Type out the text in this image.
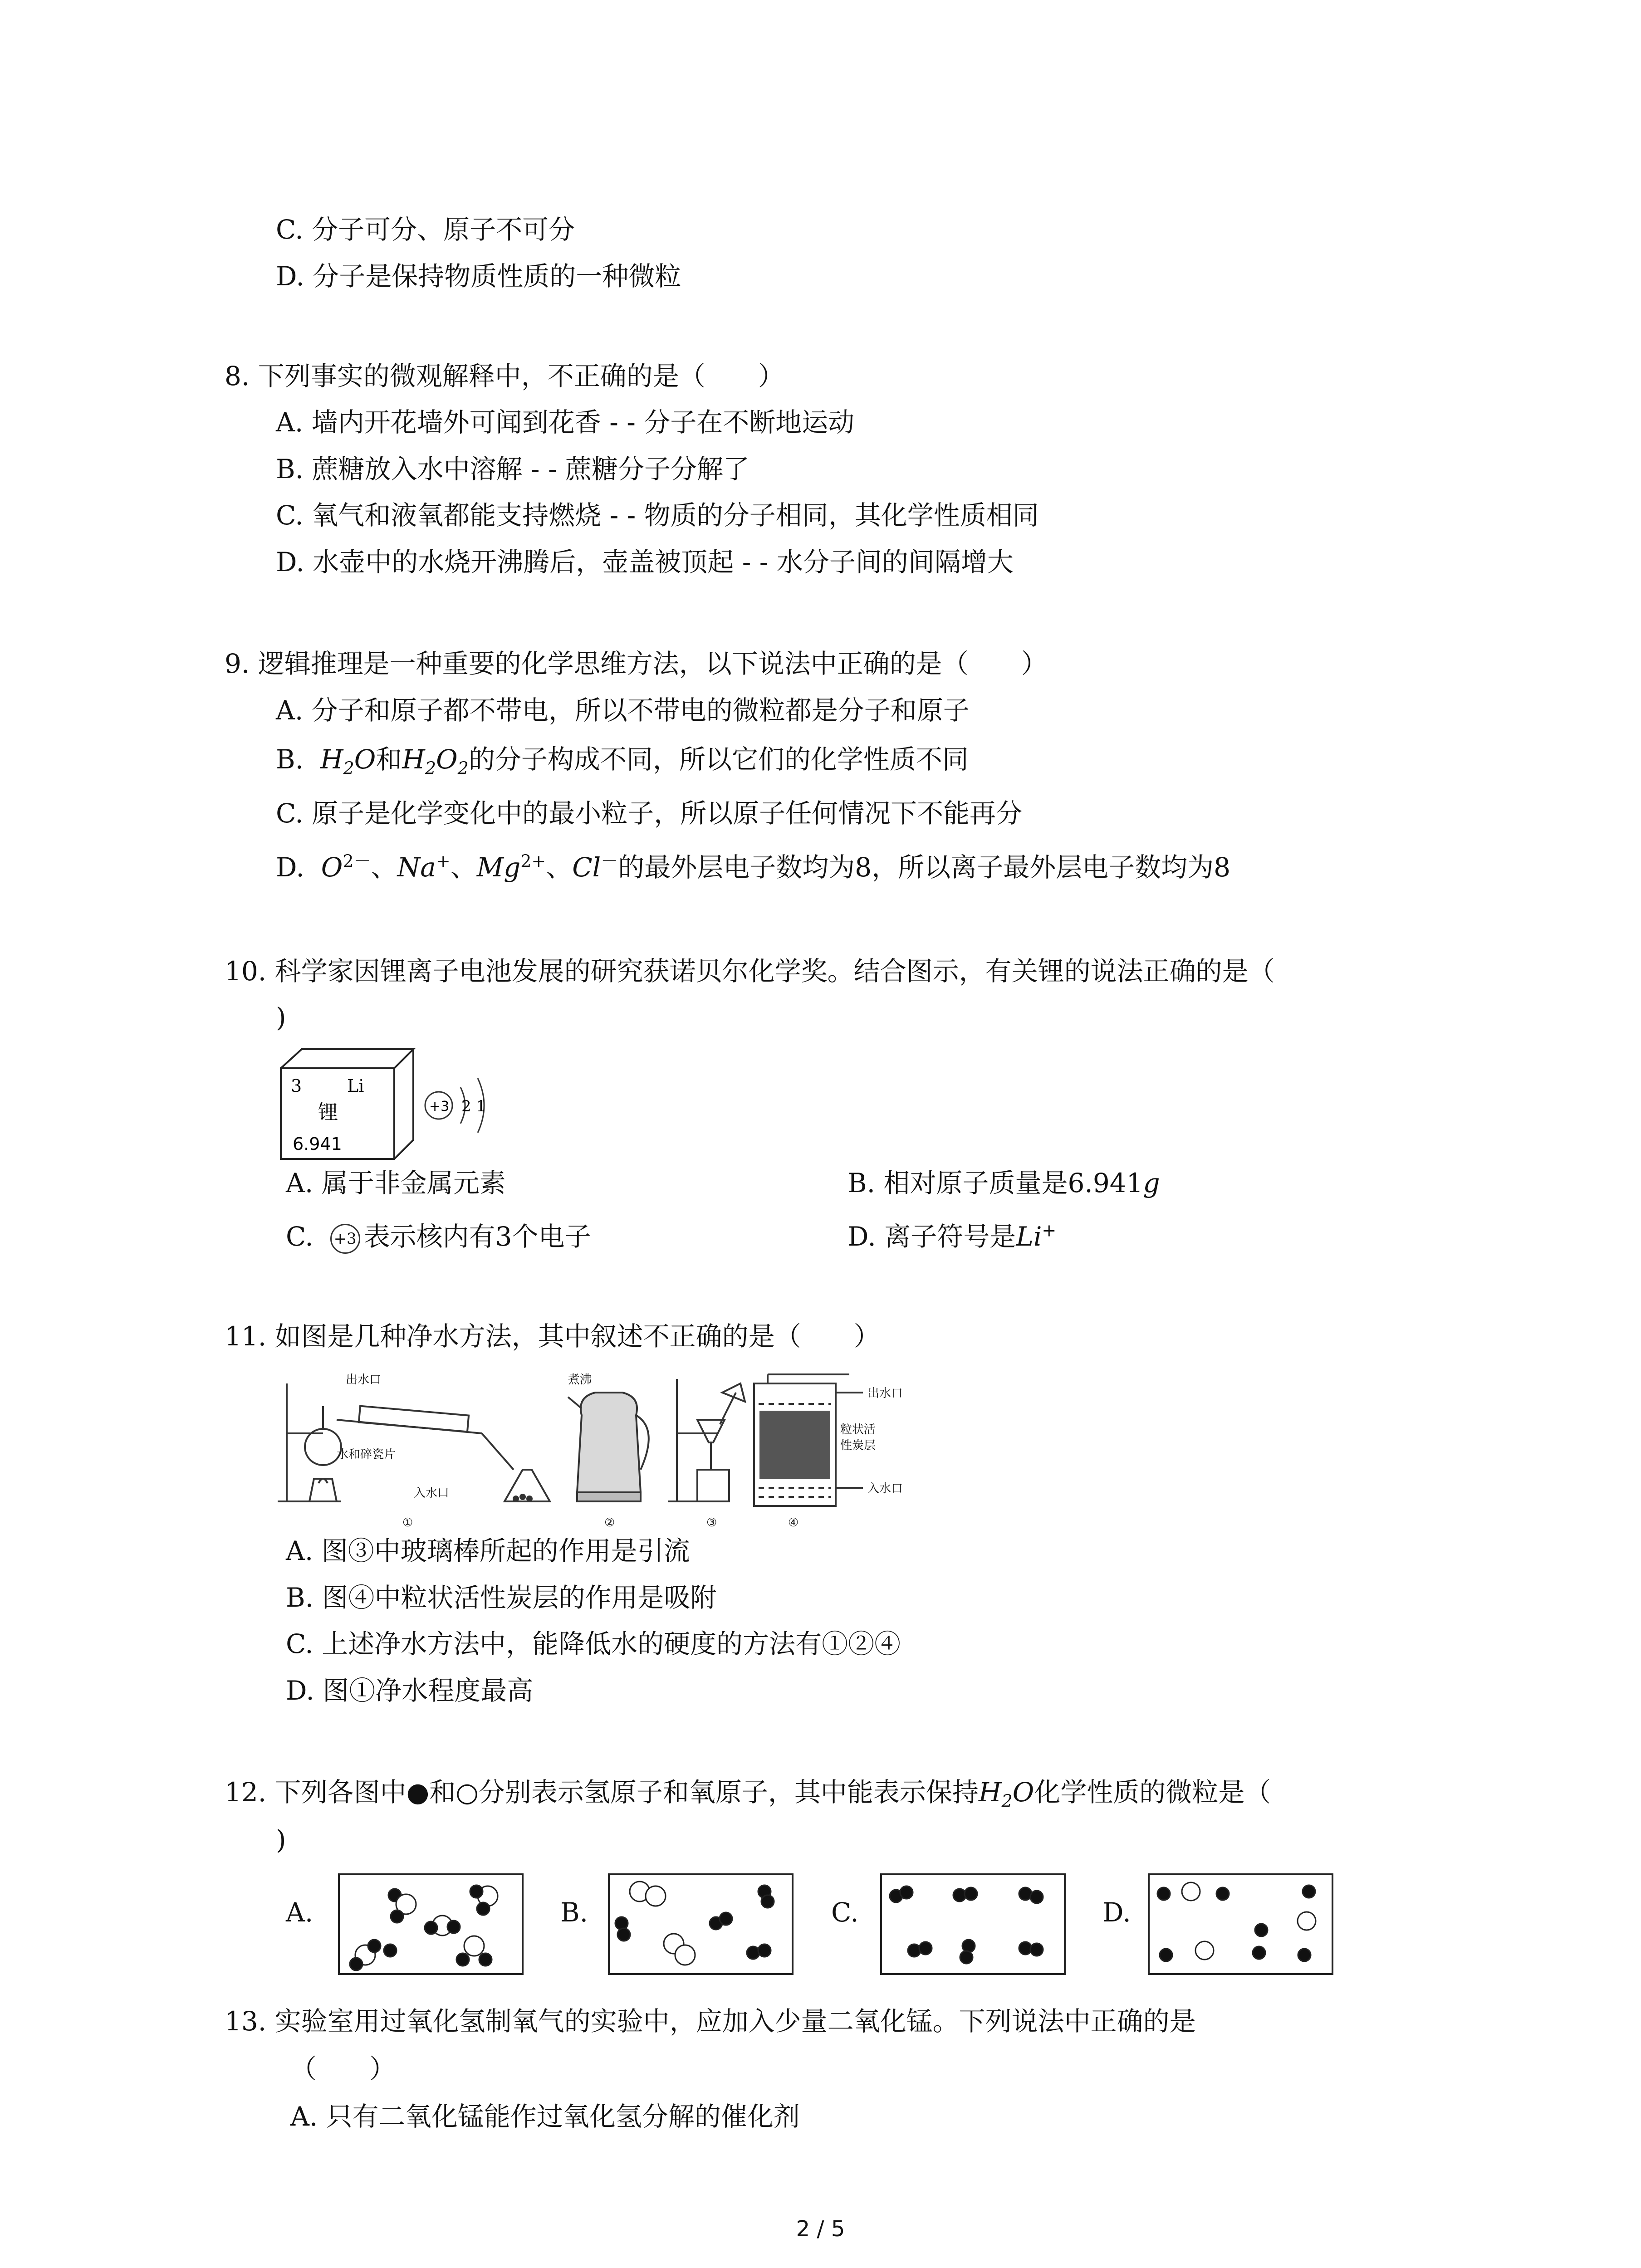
C. 分子可分、原子不可分
D. 分子是保持物质性质的一种微粒
8. 下列事实的微观解释中，不正确的是（　　）
A. 墙内开花墙外可闻到花香 - - 分子在不断地运动
B. 蔗糖放入水中溶解 - - 蔗糖分子分解了
C. 氧气和液氧都能支持燃烧 - - 物质的分子相同，其化学性质相同
D. 水壶中的水烧开沸腾后，壶盖被顶起 - - 水分子间的间隔增大
9. 逻辑推理是一种重要的化学思维方法，以下说法中正确的是（　　）
A. 分子和原子都不带电，所以不带电的微粒都是分子和原子
B. $H_2O$和$H_2O_2$的分子构成不同，所以它们的化学性质不同
C. 原子是化学变化中的最小粒子，所以原子任何情况下不能再分
D. $O^{2-}$、Na+、$Mg^{2+}$、Cl－的最外层电子数均为8，所以离子最外层电子数均为8
10. 科学家因锂离子电池发展的研究获诺贝尔化学奖。结合图示，有关锂的说法正确的是（
)
3	Li
锂
6.941
+3 2 1
A. 属于非金属元素	B. 相对原子质量是6.941g
C. +3 表示核内有3个电子	D. 离子符号是Li+
11. 如图是几种净水方法，其中叙述不正确的是（　　）
出水口	煮沸
水和碎瓷片
入水口
出水口
粒状活
性炭层
入水口
①	②	③	④
A. 图③中玻璃棒所起的作用是引流
B. 图④中粒状活性炭层的作用是吸附
C. 上述净水方法中，能降低水的硬度的方法有①②④
D. 图①净水程度最高
12. 下列各图中●和○分别表示氢原子和氧原子，其中能表示保持$H_2O$化学性质的微粒是（
)
A.	B.	C.	D.
13. 实验室用过氧化氢制氧气的实验中，应加入少量二氧化锰。下列说法中正确的是
（　　）
A. 只有二氧化锰能作过氧化氢分解的催化剂
2 / 5
